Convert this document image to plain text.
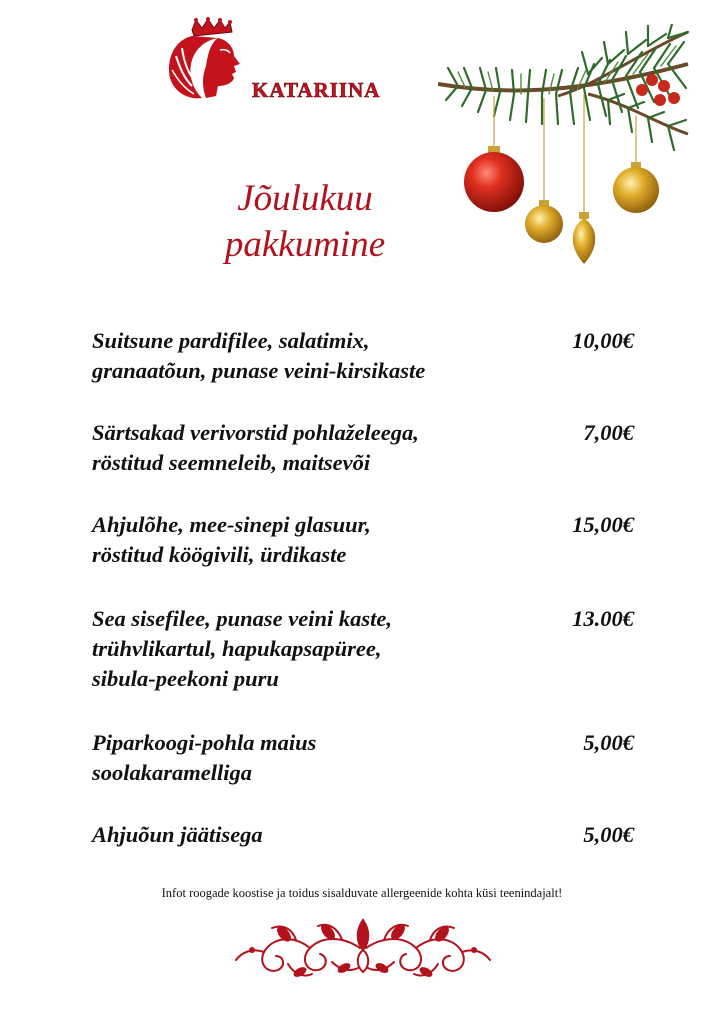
KATARIINA
Jõulukuu
pakkumine
Suitsune pardifilee, salatimix,
granaatõun, punase veini-kirsikaste
10,00€
Särtsakad verivorstid pohlaželeega,
röstitud seemneleib, maitsevõi
7,00€
Ahjulõhe, mee-sinepi glasuur,
röstitud köögivili, ürdikaste
15,00€
Sea sisefilee, punase veini kaste,
trühvlikartul, hapukapsapüree,
sibula-peekoni puru
13.00€
Piparkoogi-pohla maius
soolakaramelliga
5,00€
Ahjuõun jäätisega	5,00€
Infot roogade koostise ja toidus sisalduvate allergeenide kohta küsi teenindajalt!
